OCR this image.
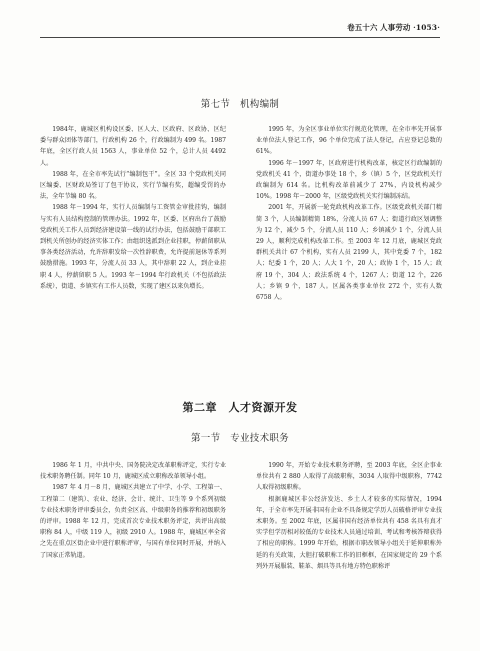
卷五十六 人事劳动 ·1053·
第七节　机构编制

1984年，鹿城区机构设区委、区人大、区政府、区政协、区纪委与群众团体等部门，行政机构 26 个，行政编制为 499 名。1987年底，全区行政人员 1563 人，事业单位 52 个，总计人员 4492 人。

1988 年，在全市率先试行“编制包干”。全区 33 个党政机关同区编委、区财政局签订了包干协议，实行节编有奖，超编受罚的办法，全年节编 80 名。

1988 年－1994 年，实行人员编制与工资管金审批挂钩，编制与实有人员结构控制的管理办法。1992 年，区委、区府出台了鼓励党政机关工作人员到经济建设第一线的试行办法，包括鼓励干部职工到机关所创办的经济实体工作；由组织选派到企业挂职，停薪留职从事各类经济活动，允许辞职发给一次性辞职费，允许提前退休等系列鼓励措施。1993 年，分流人员 33 人，其中辞职 22 人，到企业挂职 4 人，停薪留职 5 人。1993 年－1994 年行政机关（不包括政法系统），街道、乡镇实有工作人员数，实现了建区以来负增长。

1995 年，为全区事业单位实行规范化管理，在全市率先开展事业单位法人登记工作，96 个单位完成了法人登记，占应登记总数的 61%。

1996 年－1997 年，区政府进行机构改革，核定区行政编制的党政机关 41 个，街道办事处 18 个，乡（镇）5 个，区党政机关行政编制为 614 名。比机构改革前减少了 27%，内设机构减少 10%。1998 年－2000 年，区级党政机关实行编制冻结。

2001 年，开展新一轮党政机构改革工作。区级党政机关部门精简 3 个，人员编制精简 18%，分流人员 67 人；街道行政区划调整为 12 个，减少 5 个，分流人员 110 人；乡镇减少 1 个，分流人员 29 人，顺利完成机构改革工作。至 2003 年 12 月底，鹿城区党政群机关共计 67 个机构，实有人员 2199 人，其中党委 7 个，182 人；纪委 1 个，20 人；人大 1 个，20 人；政协 1 个，15 人；政府 19 个，304 人；政法系统 4 个，1267 人；街道 12 个，226 人；乡镇 9 个，187 人。区属各类事业单位 272 个，实有人数 6758 人。

第二章　人才资源开发
第一节　专业技术职务

1986 年 1 月，中共中央、国务院决定改革职称评定，实行专业技术职务聘任制。同年 10 月，鹿城区成立职称改革领导小组。

1987 年 4 月－8 月，鹿城区共建立了中学、小学、工程第一、工程第二（建筑）、农业、经济、会计、统计、卫生等 9 个系列初级专业技术职务评审委员会，负责全区高、中级职务的推荐和初级职务的评审。1988 年 12 月，完成首次专业技术职务评定，共评出高级职称 84 人，中级 119 人，初级 2910 人。1988 年，鹿城区率全省之先在重点区街企业中进行职称评审，与国有单位同时开展，并纳入了国家正常轨道。

1990 年，开始专业技术职务评聘，至 2003 年底，全区企事业单位共有 2 880 人取得了高级职称，3034 人取得中级职称，7742 人取得初级职称。

根据鹿城区非公经济发达、乡土人才较多的实际情况，1994 年，于全市率先开展非国有企业不具备规定学历人员破格评审专业技术职务。至 2002 年底，区属非国有经济单位共有 458 名具有真才实学但学历相对较低的专业技术人员通过培训、考试和考核答辩获得了相应的职称。1999 年开始，根据市职改领导小组关于延伸职称外延的有关政策，大胆打破职称工作的旧框框，在国家规定的 29 个系列外开展服装、鞋革、烟具等具有地方特色职称评
